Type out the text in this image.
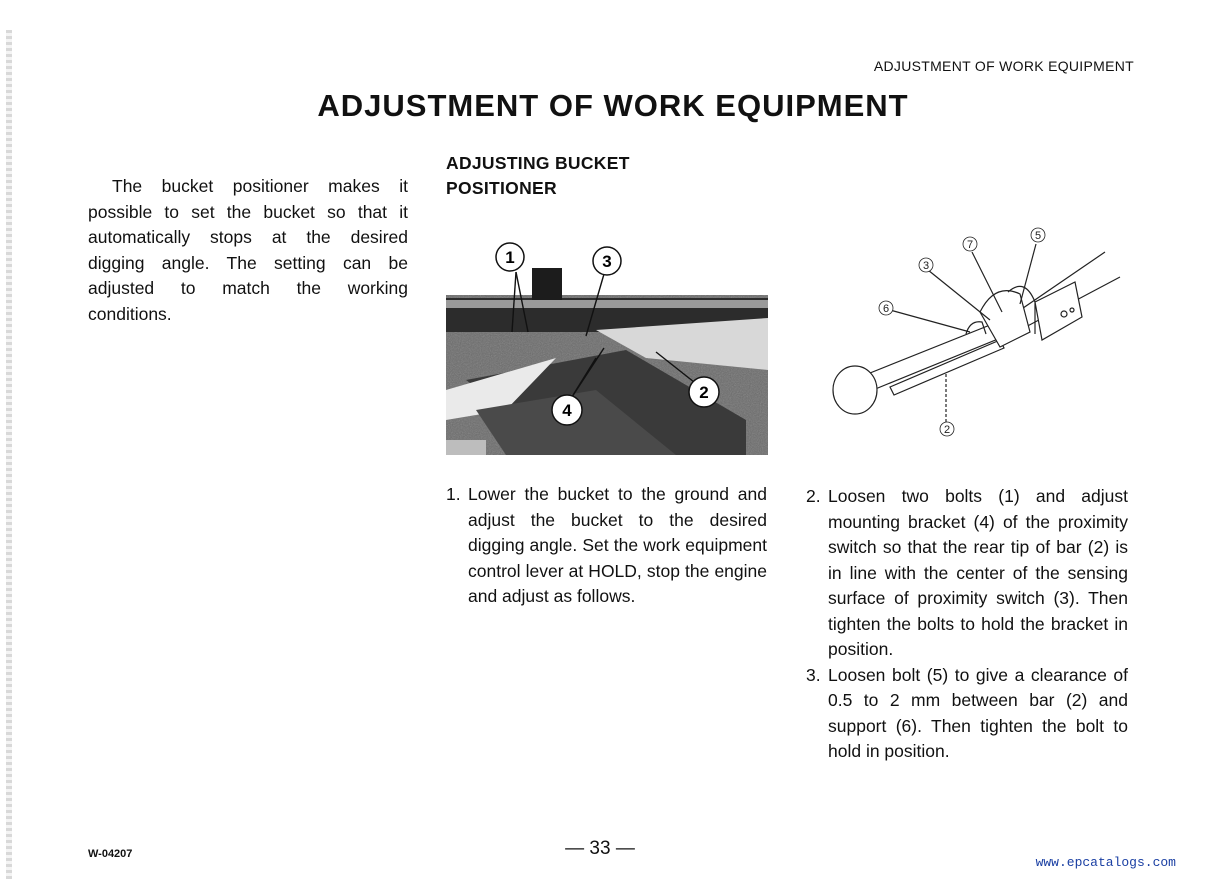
ADJUSTMENT OF WORK EQUIPMENT
ADJUSTMENT OF WORK EQUIPMENT

The bucket positioner makes it possible to set the bucket so that it automatically stops at the desired digging angle. The setting can be adjusted to match the working conditions.

ADJUSTING BUCKET
POSITIONER
1	3
2
4
7
5
3
6
2
1. Lower the bucket to the ground and adjust the bucket to the desired digging angle. Set the work equipment control lever at HOLD, stop the engine and adjust as follows.
2. Loosen two bolts (1) and adjust mounting bracket (4) of the proximity switch so that the rear tip of bar (2) is in line with the center of the sensing surface of proximity switch (3). Then tighten the bolts to hold the bracket in position.
3. Loosen bolt (5) to give a clearance of 0.5 to 2 mm between bar (2) and support (6). Then tighten the bolt to hold in position.
W-04207	— 33 —
www.epcatalogs.com
